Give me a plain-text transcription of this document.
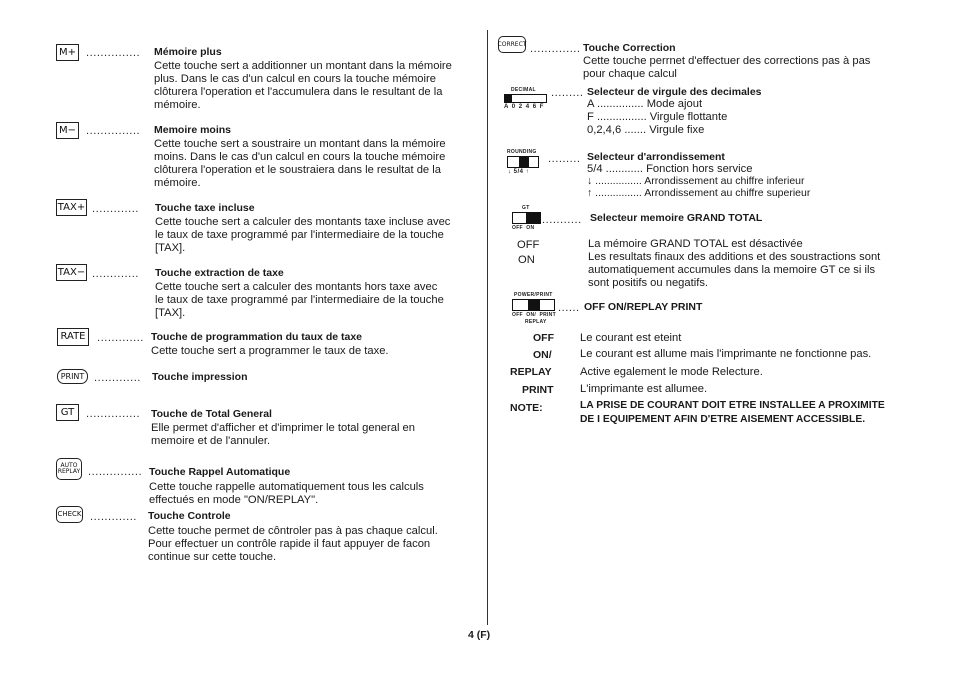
M+ ............... Mémoire plus
Cette touche sert a additionner un montant dans la mémoire
plus. Dans le cas d'un calcul en cours la touche mémoire
clôturera l'operation et l'accumulera dans le resultant de la
mémoire.
M− ............... Memoire moins
Cette touche sert a soustraire un montant dans la mémoire
moins. Dans le cas d'un calcul en cours la touche mémoire
clôturera l'operation et le soustraiera dans le resultat de la
mémoire.
TAX+ ............. Touche taxe incluse
Cette touche sert a calculer des montants taxe incluse avec
le taux de taxe programmé par l'intermediaire de la touche
[TAX].
TAX− ............. Touche extraction de taxe
Cette touche sert a calculer des montants hors taxe avec
le taux de taxe programmé par l'intermediaire de la touche
[TAX].
RATE	............. Touche de programmation du taux de taxe
Cette touche sert a programmer le taux de taxe.
PRINT ............. Touche impression
GT	............... Touche de Total General
Elle permet d'afficher et d'imprimer le total general en
memoire et de l'annuler.
AUTO
REPLAY ............... Touche Rappel Automatique
Cette touche rappelle automatiquement tous les calculs
effectués en mode "ON/REPLAY".
CHECK ............. Touche Controle
Cette touche permet de côntroler pas à pas chaque calcul.
Pour effectuer un contrôle rapide il faut appuyer de facon
continue sur cette touche.
CORRECT .............. Touche Correction
Cette touche perrnet d'effectuer des corrections pas à pas
pour chaque calcul
DECIMAL
A 0 2 4 6 F
......... Selecteur de virgule des decimales
A ............... Mode ajout
F ................ Virgule flottante
0,2,4,6 ....... Virgule fixe
ROUNDING
↓ 5/4 ↑
......... Selecteur d'arrondissement
5/4 ............ Fonction hors service
↓ ................ Arrondissement au chiffre inferieur
↑ ................ Arrondissement au chiffre superieur
GT
OFF  ON
........... Selecteur memoire GRAND TOTAL
OFF	La mémoire GRAND TOTAL est désactivée
ON	Les resultats finaux des additions et des soustractions sont
automatiquement accumules dans la memoire GT ce si ils
sont positifs ou negatifs.
POWER/PRINT
OFF  ON/  PRINT
REPLAY
...... OFF ON/REPLAY PRINT
OFF Le courant est eteint
ON/	Le courant est allume mais l'imprimante ne fonctionne pas.
REPLAY	Active egalement le mode Relecture.
PRINT L'imprimante est allumee.
NOTE:	LA PRISE DE COURANT DOIT ETRE INSTALLEE A PROXIMITE
DE I EQUIPEMENT AFIN D'ETRE AISEMENT ACCESSIBLE.
4 (F)
